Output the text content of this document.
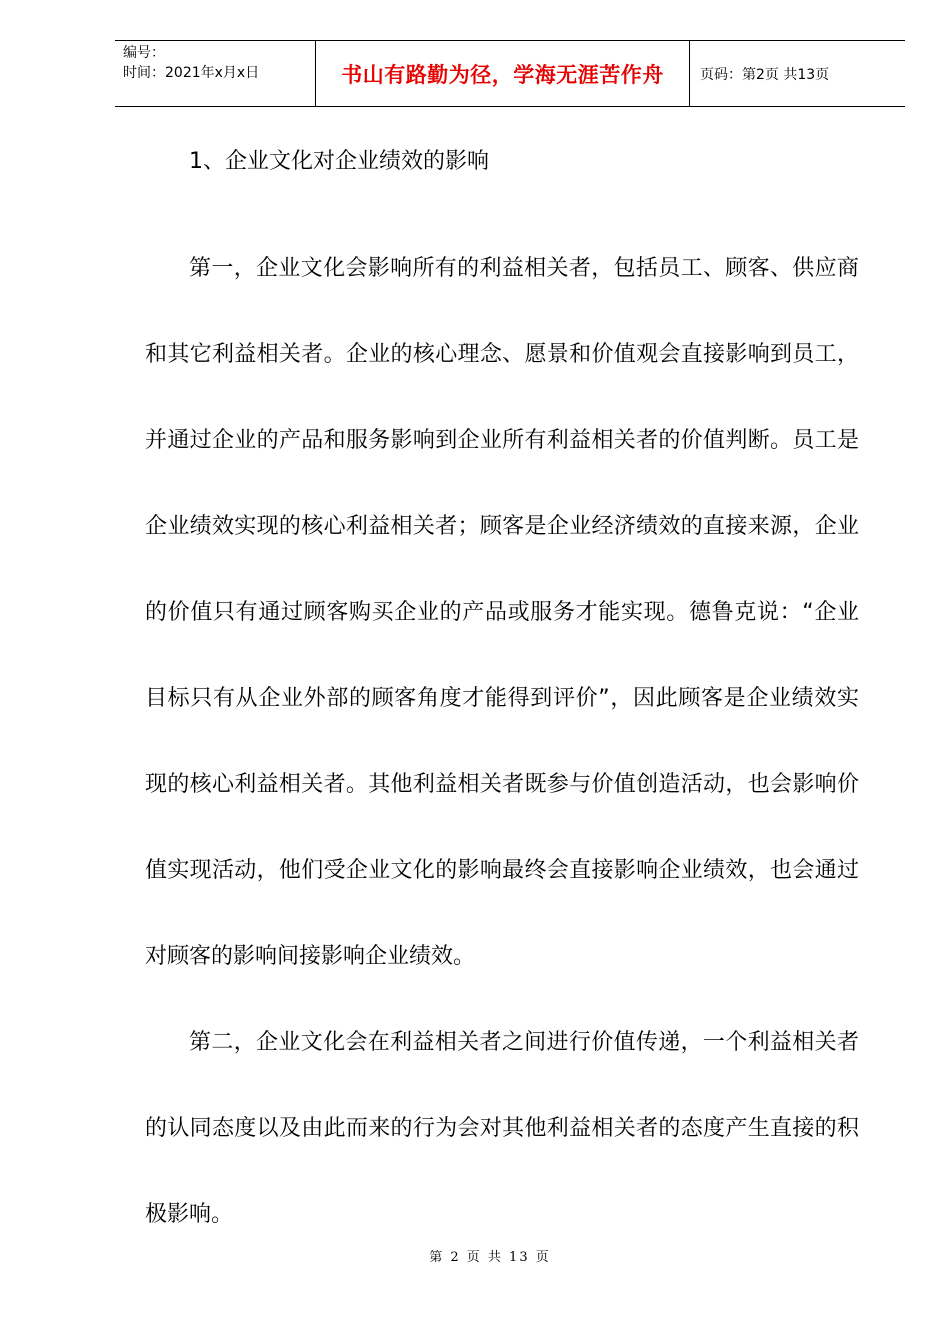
编号：
时间：2021年x月x日	书山有路勤为径，学海无涯苦作舟	页码：第2页 共13页
1、企业文化对企业绩效的影响

第一，企业文化会影响所有的利益相关者，包括员工、顾客、供应商和其它利益相关者。企业的核心理念、愿景和价值观会直接影响到员工，并通过企业的产品和服务影响到企业所有利益相关者的价值判断。员工是企业绩效实现的核心利益相关者；顾客是企业经济绩效的直接来源，企业的价值只有通过顾客购买企业的产品或服务才能实现。德鲁克说：“企业目标只有从企业外部的顾客角度才能得到评价”，因此顾客是企业绩效实现的核心利益相关者。其他利益相关者既参与价值创造活动，也会影响价值实现活动，他们受企业文化的影响最终会直接影响企业绩效，也会通过对顾客的影响间接影响企业绩效。

第二，企业文化会在利益相关者之间进行价值传递，一个利益相关者的认同态度以及由此而来的行为会对其他利益相关者的态度产生直接的积极影响。

第 2 页 共 13 页
